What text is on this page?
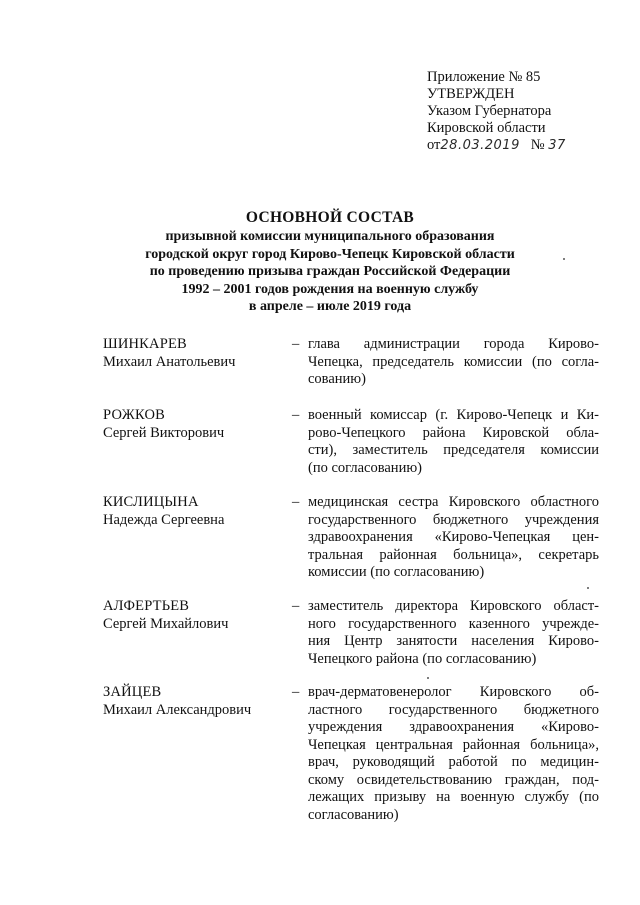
Приложение № 85
УТВЕРЖДЕН
Указом Губернатора
Кировской области
от28.03.2019 № 37
ОСНОВНОЙ СОСТАВ
призывной комиссии муниципального образования
городской округ город Кирово-Чепецк Кировской области
по проведению призыва граждан Российской Федерации
1992 – 2001 годов рождения на военную службу
в апреле – июле 2019 года
ШИНКАРЕВ
Михаил Анатольевич
– глава администрации города Кирово-
Чепецка, председатель комиссии (по согла-
сованию)
РОЖКОВ
Сергей Викторович
– военный комиссар (г. Кирово-Чепецк и Ки-
рово-Чепецкого района Кировской обла-
сти), заместитель председателя комиссии
(по согласованию)
КИСЛИЦЫНА
Надежда Сергеевна
– медицинская сестра Кировского областного
государственного бюджетного учреждения
здравоохранения «Кирово-Чепецкая цен-
тральная районная больница», секретарь
комиссии (по согласованию)
АЛФЕРТЬЕВ
Сергей Михайлович
– заместитель директора Кировского област-
ного государственного казенного учрежде-
ния Центр занятости населения Кирово-
Чепецкого района (по согласованию)
ЗАЙЦЕВ
Михаил Александрович
– врач-дерматовенеролог Кировского об-
ластного государственного бюджетного
учреждения здравоохранения «Кирово-
Чепецкая центральная районная больница»,
врач, руководящий работой по медицин-
скому освидетельствованию граждан, под-
лежащих призыву на военную службу (по
согласованию)
